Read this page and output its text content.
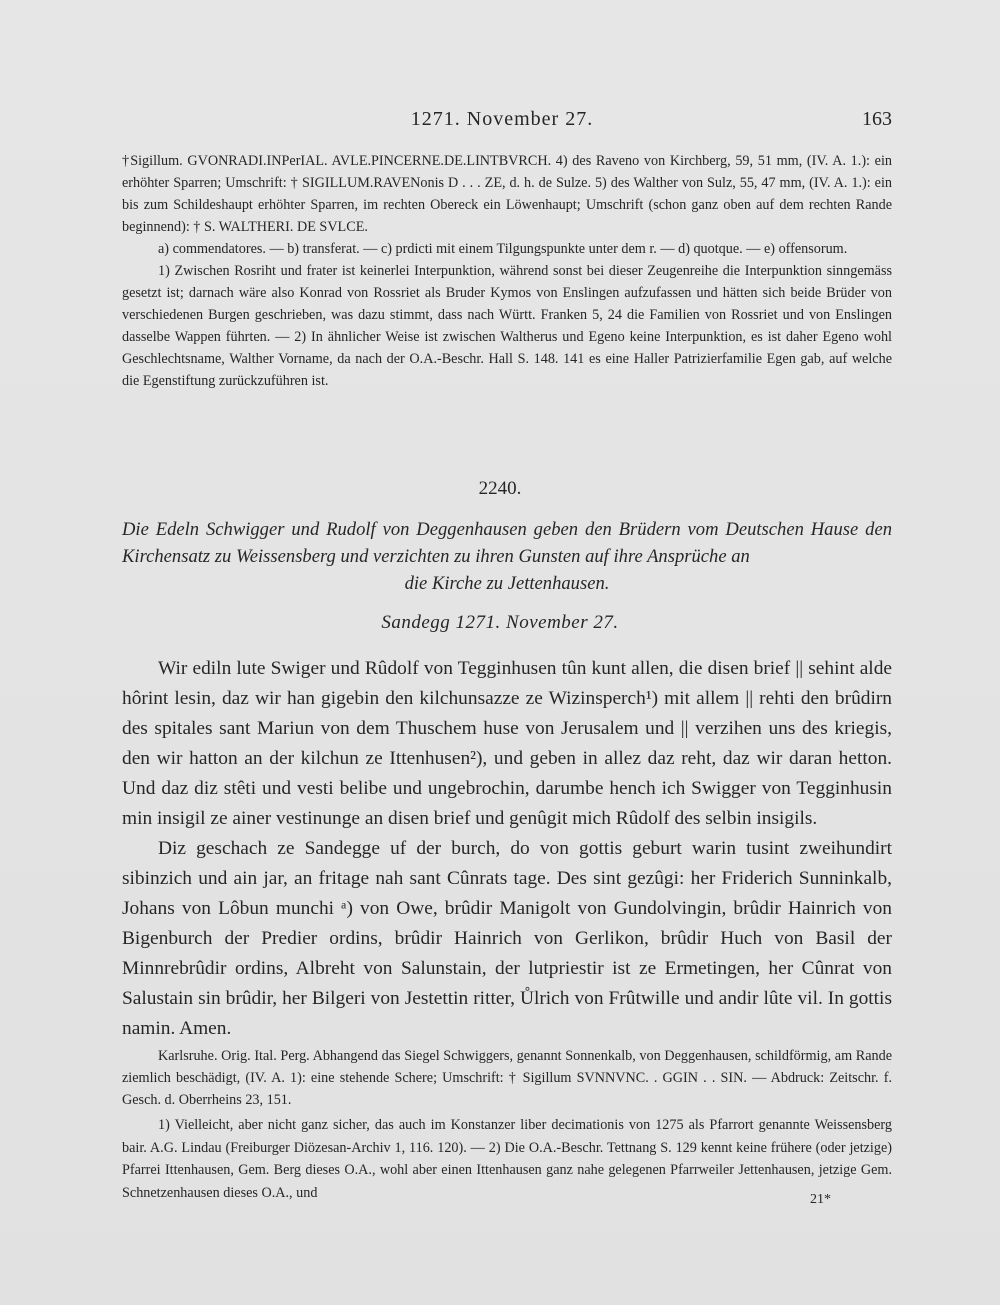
1271. November 27.	163

†Sigillum. GVONRADI.INPerIAL. AVLE.PINCERNE.DE.LINTBVRCH. 4) des Raveno von Kirchberg, 59, 51 mm, (IV. A. 1.): ein erhöhter Sparren; Umschrift: † SIGILLUM.RAVENonis D . . . ZE, d. h. de Sulze. 5) des Walther von Sulz, 55, 47 mm, (IV. A. 1.): ein bis zum Schildeshaupt erhöhter Sparren, im rechten Obereck ein Löwenhaupt; Umschrift (schon ganz oben auf dem rechten Rande beginnend): † S. WALTHERI. DE SVLCE.

a) commendatores. — b) transferat. — c) prdicti mit einem Tilgungspunkte unter dem r. — d) quotque. — e) offensorum.

1) Zwischen Rosriht und frater ist keinerlei Interpunktion, während sonst bei dieser Zeugenreihe die Interpunktion sinngemäss gesetzt ist; darnach wäre also Konrad von Rossriet als Bruder Kymos von Enslingen aufzufassen und hätten sich beide Brüder von verschiedenen Burgen geschrieben, was dazu stimmt, dass nach Württ. Franken 5, 24 die Familien von Rossriet und von Enslingen dasselbe Wappen führten. — 2) In ähnlicher Weise ist zwischen Waltherus und Egeno keine Interpunktion, es ist daher Egeno wohl Geschlechtsname, Walther Vorname, da nach der O.A.-Beschr. Hall S. 148. 141 es eine Haller Patrizierfamilie Egen gab, auf welche die Egenstiftung zurückzuführen ist.

2240.
Die Edeln Schwigger und Rudolf von Deggenhausen geben den Brüdern vom Deutschen Hause den Kirchensatz zu Weissensberg und verzichten zu ihren Gunsten auf ihre Ansprüche an
die Kirche zu Jettenhausen.
Sandegg 1271. November 27.

Wir ediln lute Swiger und Rûdolf von Tegginhusen tûn kunt allen, die disen brief || sehint alde hôrint lesin, daz wir han gigebin den kilchunsazze ze Wizinsperch¹) mit allem || rehti den brûdirn des spitales sant Mariun von dem Thuschem huse von Jerusalem und || verzihen uns des kriegis, den wir hatton an der kilchun ze Ittenhusen²), und geben in allez daz reht, daz wir daran hetton. Und daz diz stêti und vesti belibe und ungebrochin, darumbe hench ich Swigger von Tegginhusin min insigil ze ainer vestinunge an disen brief und genûgit mich Rûdolf des selbin insigils.

Diz geschach ze Sandegge uf der burch, do von gottis geburt warin tusint zweihundirt sibinzich und ain jar, an fritage nah sant Cûnrats tage. Des sint gezûgi: her Friderich Sunninkalb, Johans von Lôbun munchi ᵃ) von Owe, brûdir Manigolt von Gundolvingin, brûdir Hainrich von Bigenburch der Predier ordins, brûdir Hainrich von Gerlikon, brûdir Huch von Basil der Minnrebrûdir ordins, Albreht von Salunstain, der lutpriestir ist ze Ermetingen, her Cûnrat von Salustain sin brûdir, her Bilgeri von Jestettin ritter, Ůlrich von Frûtwille und andir lûte vil. In gottis namin. Amen.

Karlsruhe. Orig. Ital. Perg. Abhangend das Siegel Schwiggers, genannt Sonnenkalb, von Deggenhausen, schildförmig, am Rande ziemlich beschädigt, (IV. A. 1): eine stehende Schere; Umschrift: † Sigillum SVNNVNC. . GGIN . . SIN. — Abdruck: Zeitschr. f. Gesch. d. Oberrheins 23, 151.

1) Vielleicht, aber nicht ganz sicher, das auch im Konstanzer liber decimationis von 1275 als Pfarrort genannte Weissensberg bair. A.G. Lindau (Freiburger Diözesan-Archiv 1, 116. 120). — 2) Die O.A.-Beschr. Tettnang S. 129 kennt keine frühere (oder jetzige) Pfarrei Ittenhausen, Gem. Berg dieses O.A., wohl aber einen Ittenhausen ganz nahe gelegenen Pfarrweiler Jettenhausen, jetzige Gem. Schnetzenhausen dieses O.A., und	21*
